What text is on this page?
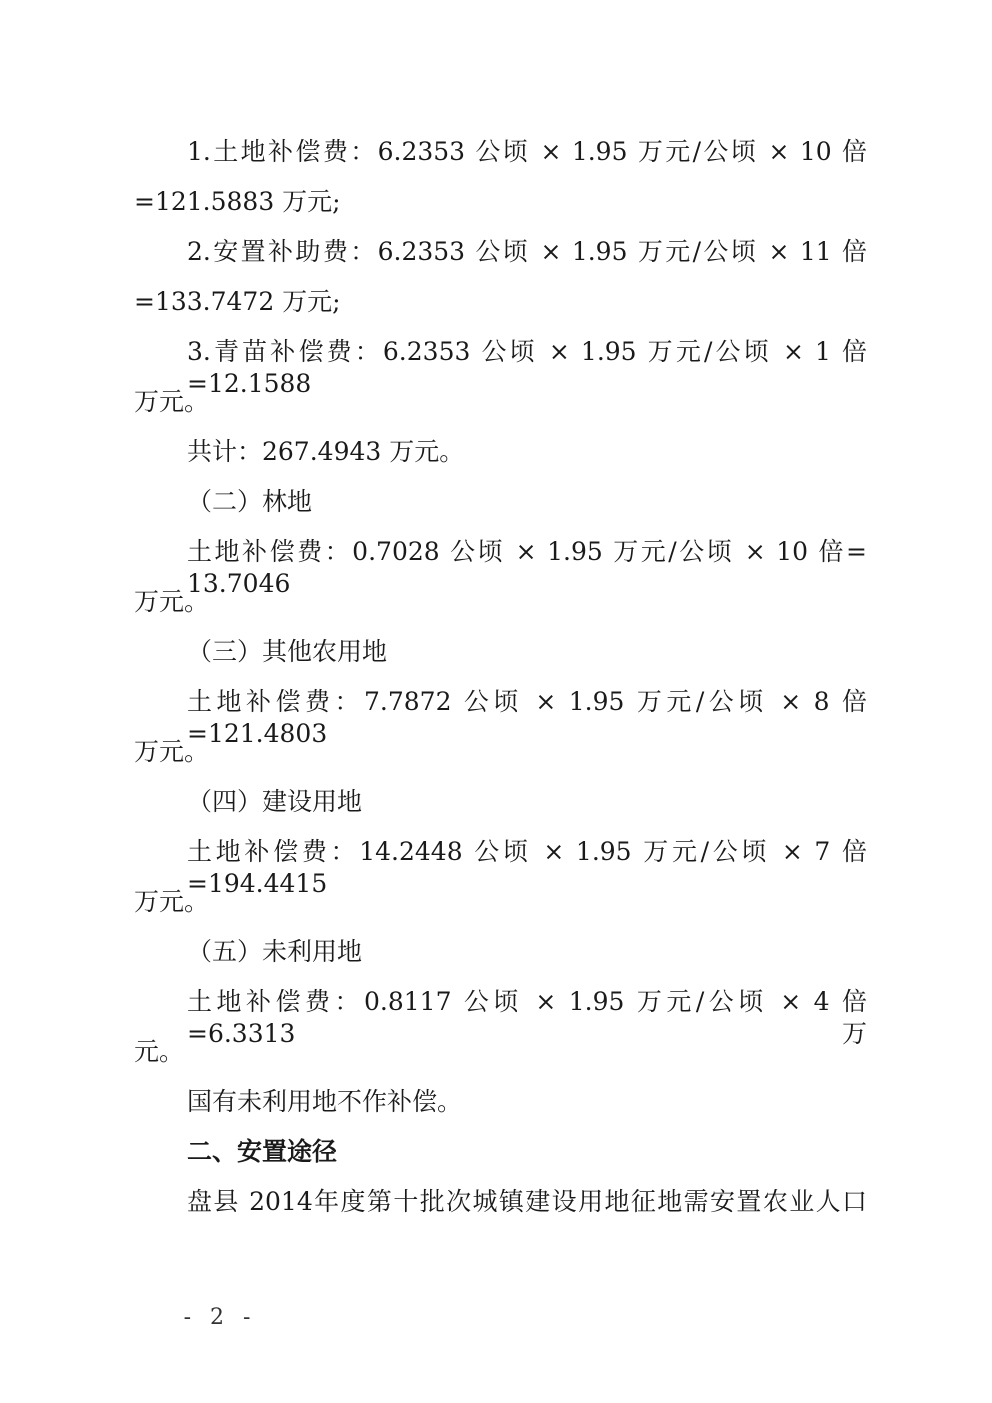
1.土地补偿费：6.2353 公顷 × 1.95 万元/公顷 × 10 倍
=121.5883 万元;
2.安置补助费：6.2353 公顷 × 1.95 万元/公顷 × 11 倍
=133.7472 万元;
3.青苗补偿费：6.2353 公顷 × 1.95 万元/公顷 × 1 倍=12.1588
万元。
共计：267.4943 万元。
（二）林地
土地补偿费：0.7028 公顷 × 1.95 万元/公顷 × 10 倍= 13.7046
万元。
（三）其他农用地
土地补偿费：7.7872 公顷 × 1.95 万元/公顷 × 8 倍=121.4803
万元。
（四）建设用地
土地补偿费：14.2448 公顷 × 1.95 万元/公顷 × 7 倍=194.4415
万元。
（五）未利用地
土地补偿费：0.8117 公顷 × 1.95 万元/公顷 × 4 倍=6.3313 万
元。
国有未利用地不作补偿。
二、安置途径
盘县 2014年度第十批次城镇建设用地征地需安置农业人口
- 2 -
